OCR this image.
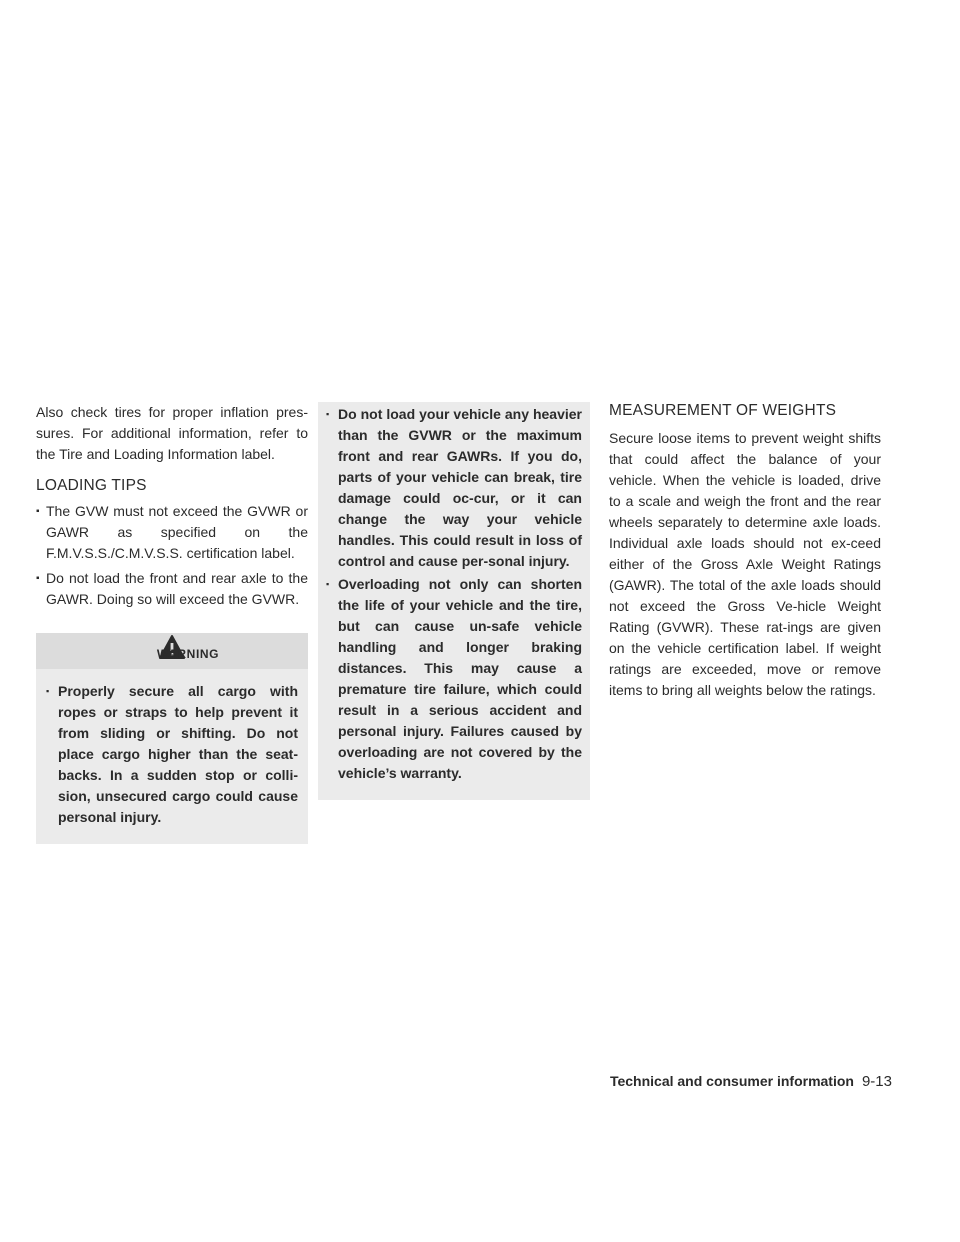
Also check tires for proper inflation pres-sures. For additional information, refer to the Tire and Loading Information label.

LOADING TIPS
▪ The GVW must not exceed the GVWR or GAWR as specified on the F.M.V.S.S./C.M.V.S.S. certification label.
▪ Do not load the front and rear axle to the GAWR. Doing so will exceed the GVWR.
WARNING
▪ Properly secure all cargo with ropes or straps to help prevent it from sliding or shifting. Do not place cargo higher than the seat-backs. In a sudden stop or colli-sion, unsecured cargo could cause personal injury.
▪ Do not load your vehicle any heavier than the GVWR or the maximum front and rear GAWRs. If you do, parts of your vehicle can break, tire damage could oc-cur, or it can change the way your vehicle handles. This could result in loss of control and cause per-sonal injury.
▪ Overloading not only can shorten the life of your vehicle and the tire, but can cause un-safe vehicle handling and longer braking distances. This may cause a premature tire failure, which could result in a serious accident and personal injury. Failures caused by overloading are not covered by the vehicle’s warranty.
MEASUREMENT OF WEIGHTS

Secure loose items to prevent weight shifts that could affect the balance of your vehicle. When the vehicle is loaded, drive to a scale and weigh the front and the rear wheels separately to determine axle loads. Individual axle loads should not ex-ceed either of the Gross Axle Weight Ratings (GAWR). The total of the axle loads should not exceed the Gross Ve-hicle Weight Rating (GVWR). These rat-ings are given on the vehicle certification label. If weight ratings are exceeded, move or remove items to bring all weights below the ratings.

Technical and consumer information 9-13
